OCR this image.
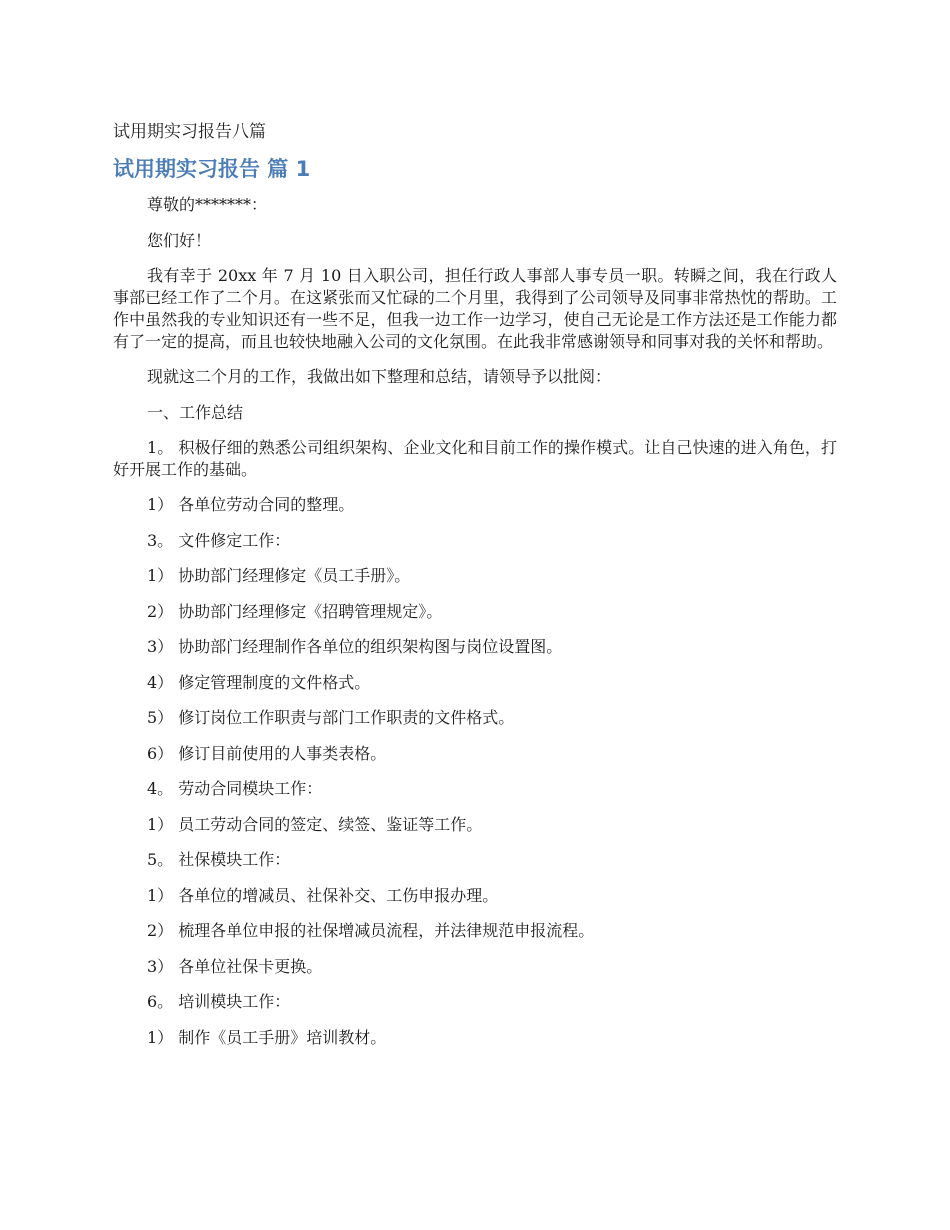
试用期实习报告八篇
试用期实习报告 篇 1

尊敬的*******：

您们好！

我有幸于 20xx 年 7 月 10 日入职公司，担任行政人事部人事专员一职。转瞬之间，我在行政人事部已经工作了二个月。在这紧张而又忙碌的二个月里，我得到了公司领导及同事非常热忱的帮助。工作中虽然我的专业知识还有一些不足，但我一边工作一边学习，使自己无论是工作方法还是工作能力都有了一定的提高，而且也较快地融入公司的文化氛围。在此我非常感谢领导和同事对我的关怀和帮助。

现就这二个月的工作，我做出如下整理和总结，请领导予以批阅：

一、工作总结

1。 积极仔细的熟悉公司组织架构、企业文化和目前工作的操作模式。让自己快速的进入角色，打好开展工作的基础。

1） 各单位劳动合同的整理。

3。 文件修定工作：

1） 协助部门经理修定《员工手册》。

2） 协助部门经理修定《招聘管理规定》。

3） 协助部门经理制作各单位的组织架构图与岗位设置图。

4） 修定管理制度的文件格式。

5） 修订岗位工作职责与部门工作职责的文件格式。

6） 修订目前使用的人事类表格。

4。 劳动合同模块工作：

1） 员工劳动合同的签定、续签、鉴证等工作。

5。 社保模块工作：

1） 各单位的增减员、社保补交、工伤申报办理。

2） 梳理各单位申报的社保增减员流程，并法律规范申报流程。

3） 各单位社保卡更换。

6。 培训模块工作：

1） 制作《员工手册》培训教材。
